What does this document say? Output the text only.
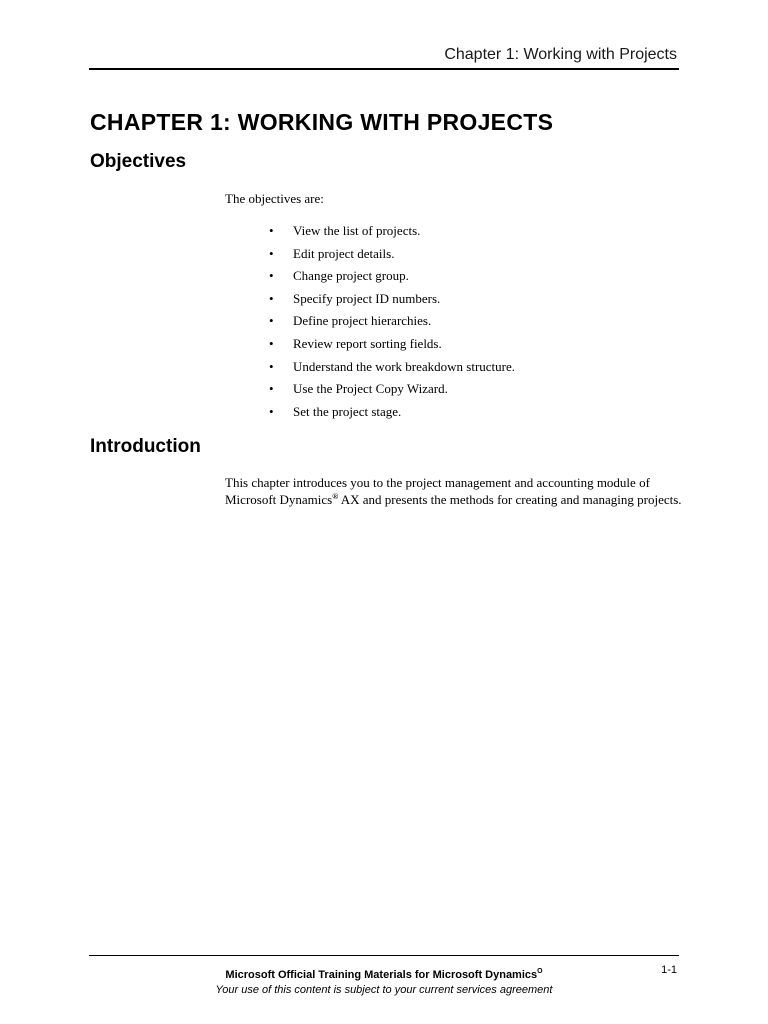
Chapter 1: Working with Projects
CHAPTER 1: WORKING WITH PROJECTS
Objectives

The objectives are:

• View the list of projects.
• Edit project details.
• Change project group.
• Specify project ID numbers.
• Define project hierarchies.
• Review report sorting fields.
• Understand the work breakdown structure.
• Use the Project Copy Wizard.
• Set the project stage.
Introduction

This chapter introduces you to the project management and accounting module of Microsoft Dynamics® AX and presents the methods for creating and managing projects.

Microsoft Official Training Materials for Microsoft Dynamics$^O$

Your use of this content is subject to your current services agreement

1-1
